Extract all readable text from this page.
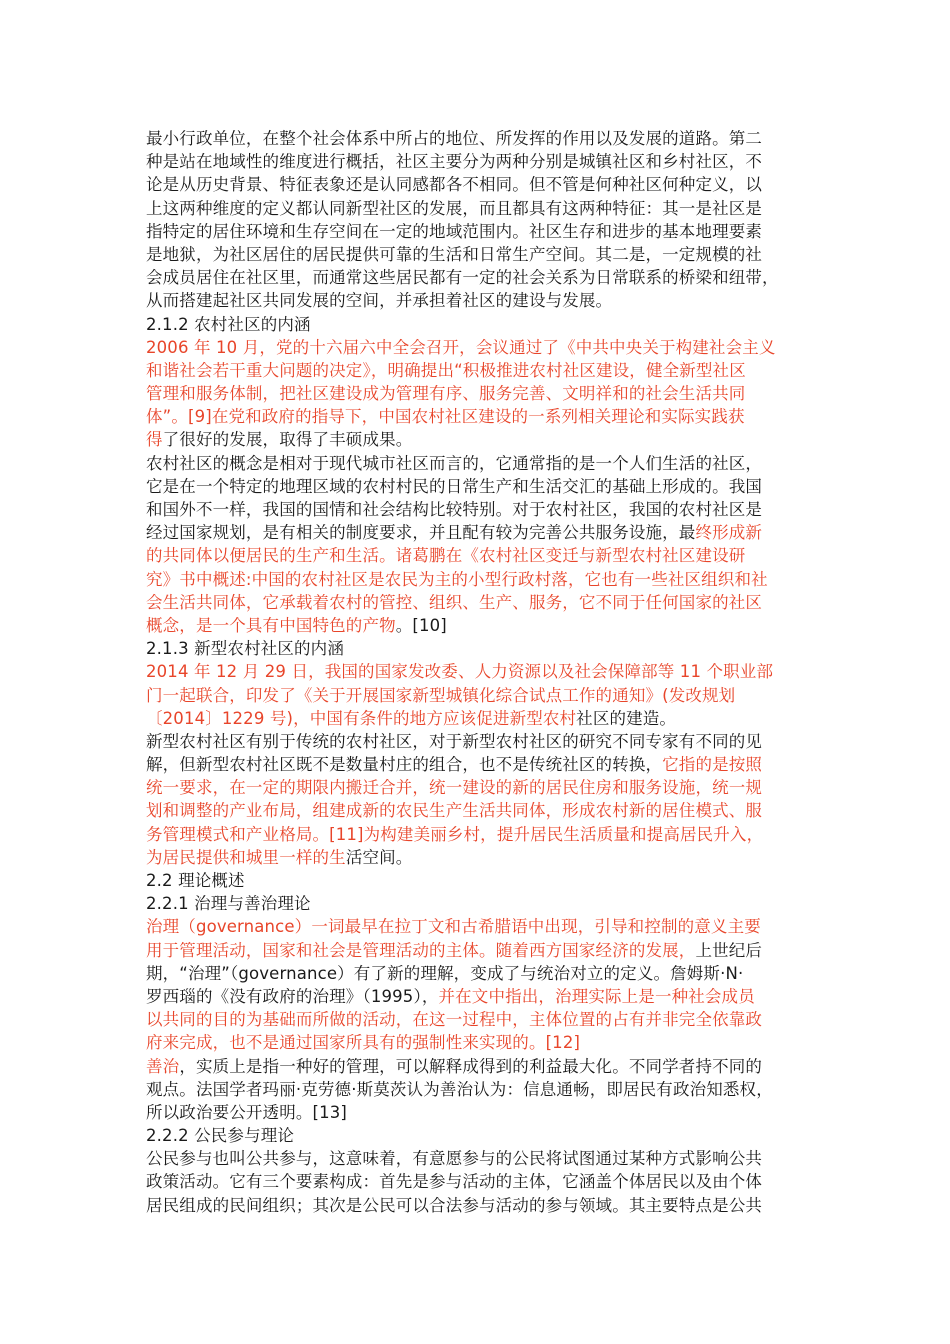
最小行政单位，在整个社会体系中所占的地位、所发挥的作用以及发展的道路。第二
种是站在地域性的维度进行概括，社区主要分为两种分别是城镇社区和乡村社区，不
论是从历史背景、特征表象还是认同感都各不相同。但不管是何种社区何种定义，以
上这两种维度的定义都认同新型社区的发展，而且都具有这两种特征：其一是社区是
指特定的居住环境和生存空间在一定的地域范围内。社区生存和进步的基本地理要素
是地狱，为社区居住的居民提供可靠的生活和日常生产空间。其二是，一定规模的社
会成员居住在社区里，而通常这些居民都有一定的社会关系为日常联系的桥梁和纽带，
从而搭建起社区共同发展的空间，并承担着社区的建设与发展。
2.1.2 农村社区的内涵
2006 年 10 月，党的十六届六中全会召开，会议通过了《中共中央关于构建社会主义
和谐社会若干重大问题的决定》，明确提出“积极推进农村社区建设，健全新型社区
管理和服务体制，把社区建设成为管理有序、服务完善、文明祥和的社会生活共同
体”。[9]在党和政府的指导下，中国农村社区建设的一系列相关理论和实际实践获
得了很好的发展，取得了丰硕成果。
农村社区的概念是相对于现代城市社区而言的，它通常指的是一个人们生活的社区，
它是在一个特定的地理区域的农村村民的日常生产和生活交汇的基础上形成的。我国
和国外不一样，我国的国情和社会结构比较特别。对于农村社区，我国的农村社区是
经过国家规划，是有相关的制度要求，并且配有较为完善公共服务设施，最终形成新
的共同体以便居民的生产和生活。诸葛鹏在《农村社区变迁与新型农村社区建设研
究》书中概述:中国的农村社区是农民为主的小型行政村落，它也有一些社区组织和社
会生活共同体，它承载着农村的管控、组织、生产、服务，它不同于任何国家的社区
概念，是一个具有中国特色的产物。[10]
2.1.3 新型农村社区的内涵
2014 年 12 月 29 日，我国的国家发改委、人力资源以及社会保障部等 11 个职业部
门一起联合，印发了《关于开展国家新型城镇化综合试点工作的通知》(发改规划
〔2014〕1229 号)，中国有条件的地方应该促进新型农村社区的建造。
新型农村社区有别于传统的农村社区，对于新型农村社区的研究不同专家有不同的见
解，但新型农村社区既不是数量村庄的组合，也不是传统社区的转换，它指的是按照
统一要求，在一定的期限内搬迁合并，统一建设的新的居民住房和服务设施，统一规
划和调整的产业布局，组建成新的农民生产生活共同体，形成农村新的居住模式、服
务管理模式和产业格局。[11]为构建美丽乡村，提升居民生活质量和提高居民升入，
为居民提供和城里一样的生活空间。
2.2 理论概述
2.2.1 治理与善治理论
治理（governance）一词最早在拉丁文和古希腊语中出现，引导和控制的意义主要
用于管理活动，国家和社会是管理活动的主体。随着西方国家经济的发展，上世纪后
期，“治理”（governance）有了新的理解，变成了与统治对立的定义。詹姆斯·N·
罗西瑙的《没有政府的治理》（1995），并在文中指出，治理实际上是一种社会成员
以共同的目的为基础而所做的活动，在这一过程中，主体位置的占有并非完全依靠政
府来完成，也不是通过国家所具有的强制性来实现的。[12]
善治，实质上是指一种好的管理，可以解释成得到的利益最大化。不同学者持不同的
观点。法国学者玛丽·克劳德·斯莫茨认为善治认为：信息通畅，即居民有政治知悉权，
所以政治要公开透明。[13]
2.2.2 公民参与理论
公民参与也叫公共参与，这意味着，有意愿参与的公民将试图通过某种方式影响公共
政策活动。它有三个要素构成：首先是参与活动的主体，它涵盖个体居民以及由个体
居民组成的民间组织；其次是公民可以合法参与活动的参与领域。其主要特点是公共
